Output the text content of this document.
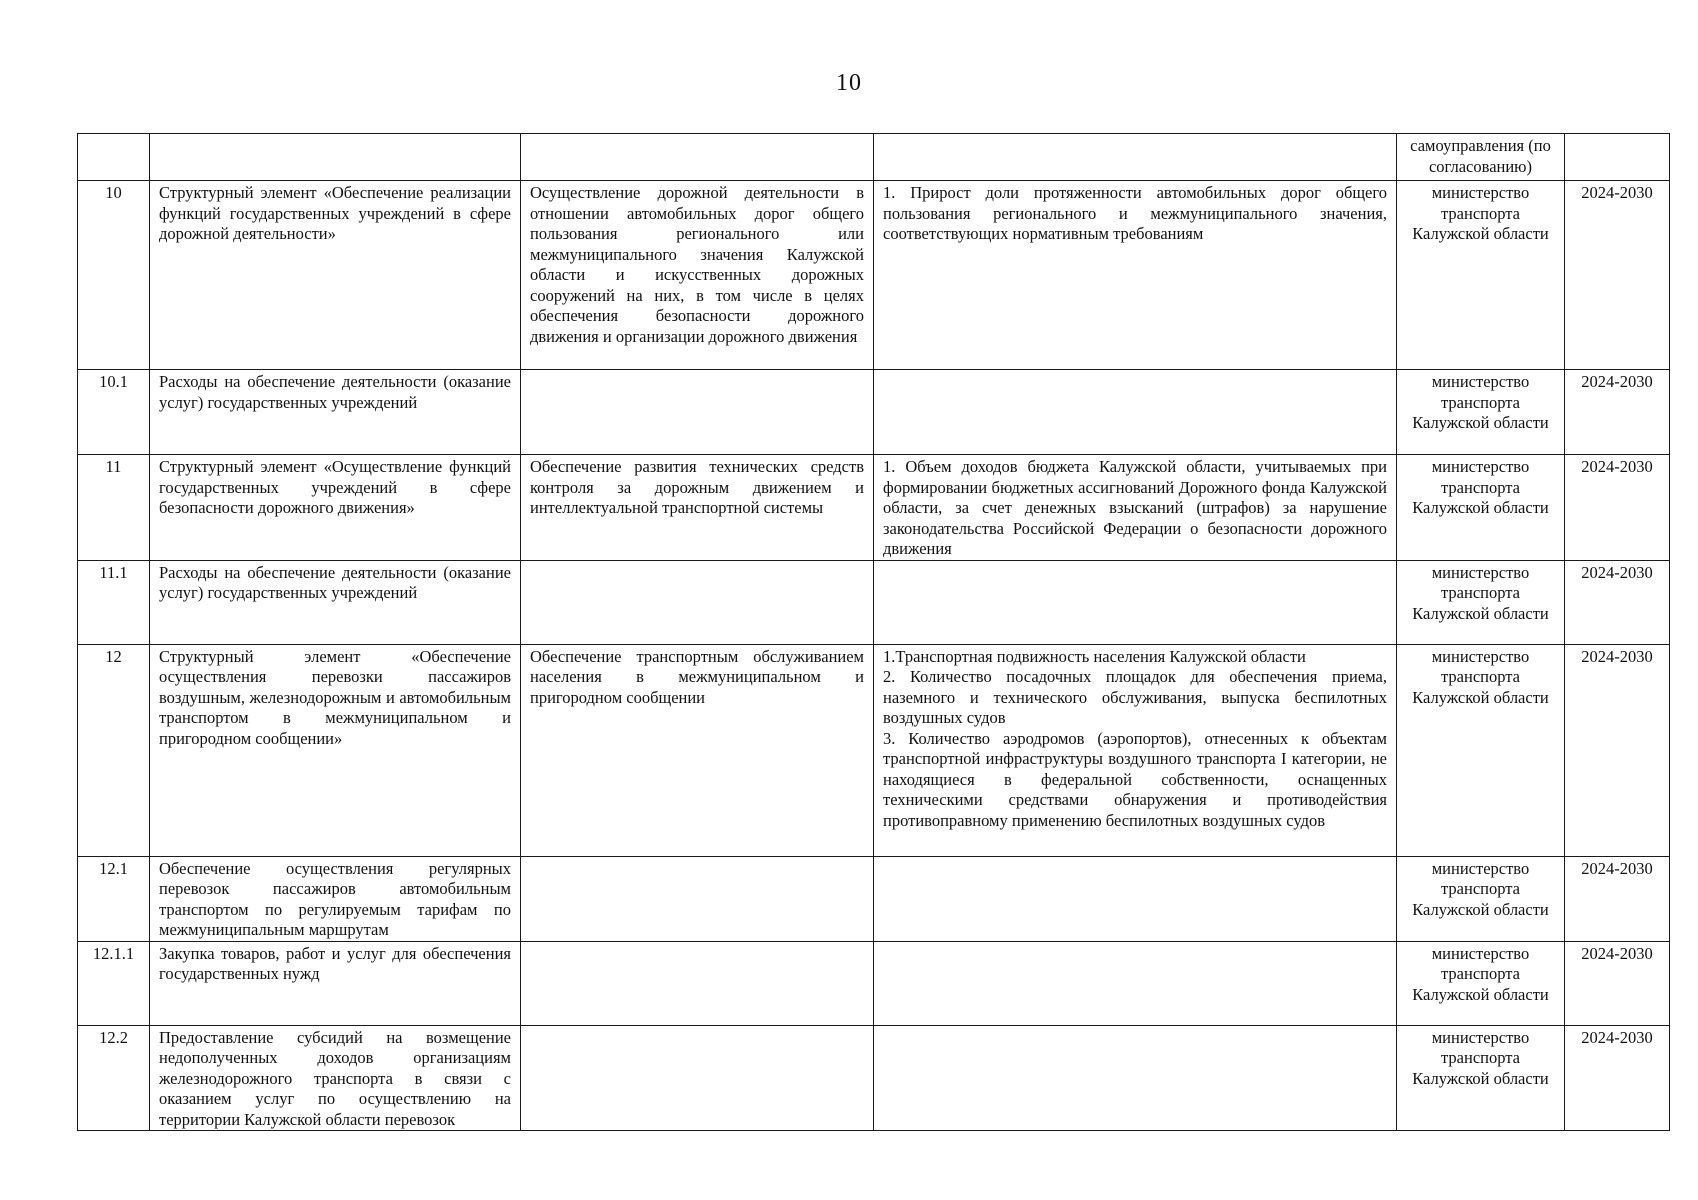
10
				самоуправления (по согласованию)	
10	Структурный элемент «Обеспечение реализации функций государственных учреждений в сфере дорожной деятельности»	Осуществление дорожной деятельности в отношении автомобильных дорог общего пользования регионального или межмуниципального значения Калужской области и искусственных дорожных сооружений на них, в том числе в целях обеспечения безопасности дорожного движения и организации дорожного движения	1. Прирост доли протяженности автомобильных дорог общего пользования регионального и межмуниципального значения, соответствующих нормативным требованиям	министерство транспорта Калужской области	2024-2030
10.1	Расходы на обеспечение деятельности (оказание услуг) государственных учреждений			министерство транспорта Калужской области	2024-2030
11	Структурный элемент «Осуществление функций государственных учреждений в сфере безопасности дорожного движения»	Обеспечение развития технических средств контроля за дорожным движением и интеллектуальной транспортной системы	1. Объем доходов бюджета Калужской области, учитываемых при формировании бюджетных ассигнований Дорожного фонда Калужской области, за счет денежных взысканий (штрафов) за нарушение законодательства Российской Федерации о безопасности дорожного движения	министерство транспорта Калужской области	2024-2030
11.1	Расходы на обеспечение деятельности (оказание услуг) государственных учреждений			министерство транспорта Калужской области	2024-2030
12	Структурный элемент «Обеспечение осуществления перевозки пассажиров воздушным, железнодорожным и автомобильным транспортом в межмуниципальном и пригородном сообщении»	Обеспечение транспортным обслуживанием населения в межмуниципальном и пригородном сообщении	1.Транспортная подвижность населения Калужской области
2. Количество посадочных площадок для обеспечения приема, наземного и технического обслуживания, выпуска беспилотных воздушных судов
3. Количество аэродромов (аэропортов), отнесенных к объектам транспортной инфраструктуры воздушного транспорта I категории, не находящиеся в федеральной собственности, оснащенных техническими средствами обнаружения и противодействия противоправному применению беспилотных воздушных судов	министерство транспорта Калужской области	2024-2030
12.1	Обеспечение осуществления регулярных перевозок пассажиров автомобильным транспортом по регулируемым тарифам по межмуниципальным маршрутам			министерство транспорта Калужской области	2024-2030
12.1.1	Закупка товаров, работ и услуг для обеспечения государственных нужд			министерство транспорта Калужской области	2024-2030
12.2	Предоставление субсидий на возмещение недополученных доходов организациям железнодорожного транспорта в связи с оказанием услуг по осуществлению на территории Калужской области перевозок			министерство транспорта Калужской области	2024-2030
